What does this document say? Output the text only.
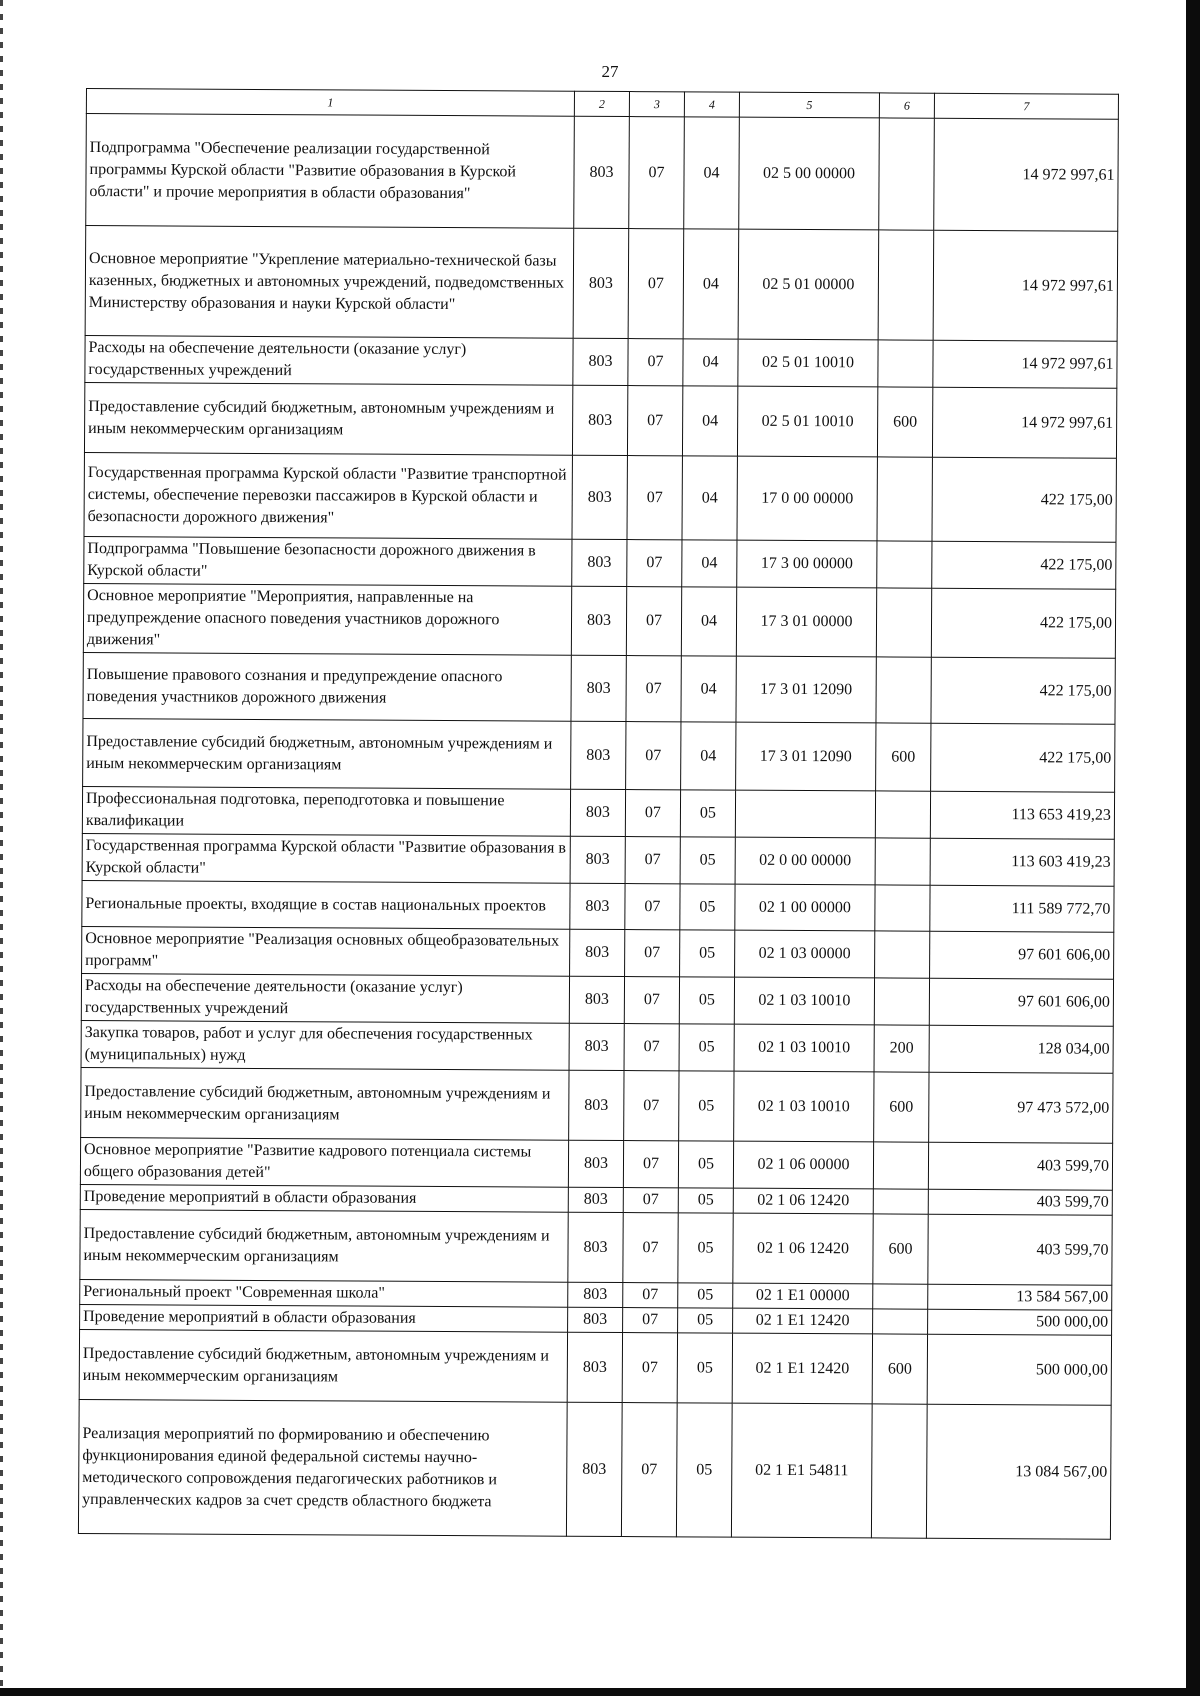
27
1	2	3	4	5	6	7
Подпрограмма "Обеспечение реализации государственной программы Курской области "Развитие образования в Курской области" и прочие мероприятия в области образования"	803	07	04	02 5 00 00000		14 972 997,61
Основное мероприятие "Укрепление материально-технической базы казенных, бюджетных и автономных учреждений, подведомственных Министерству образования и науки Курской области"	803	07	04	02 5 01 00000		14 972 997,61
Расходы на обеспечение деятельности (оказание услуг) государственных учреждений	803	07	04	02 5 01 10010		14 972 997,61
Предоставление субсидий бюджетным, автономным учреждениям и иным некоммерческим организациям	803	07	04	02 5 01 10010	600	14 972 997,61
Государственная программа Курской области "Развитие транспортной системы, обеспечение перевозки пассажиров в Курской области и безопасности дорожного движения"	803	07	04	17 0 00 00000		422 175,00
Подпрограмма "Повышение безопасности дорожного движения в Курской области"	803	07	04	17 3 00 00000		422 175,00
Основное мероприятие "Мероприятия, направленные на предупреждение опасного поведения участников дорожного движения"	803	07	04	17 3 01 00000		422 175,00
Повышение правового сознания и предупреждение опасного поведения участников дорожного движения	803	07	04	17 3 01 12090		422 175,00
Предоставление субсидий бюджетным, автономным учреждениям и иным некоммерческим организациям	803	07	04	17 3 01 12090	600	422 175,00
Профессиональная подготовка, переподготовка и повышение квалификации	803	07	05			113 653 419,23
Государственная программа Курской области "Развитие образования в Курской области"	803	07	05	02 0 00 00000		113 603 419,23
Региональные проекты, входящие в состав национальных проектов	803	07	05	02 1 00 00000		111 589 772,70
Основное мероприятие "Реализация основных общеобразовательных программ"	803	07	05	02 1 03 00000		97 601 606,00
Расходы на обеспечение деятельности (оказание услуг) государственных учреждений	803	07	05	02 1 03 10010		97 601 606,00
Закупка товаров, работ и услуг для обеспечения государственных (муниципальных) нужд	803	07	05	02 1 03 10010	200	128 034,00
Предоставление субсидий бюджетным, автономным учреждениям и иным некоммерческим организациям	803	07	05	02 1 03 10010	600	97 473 572,00
Основное мероприятие "Развитие кадрового потенциала системы общего образования детей"	803	07	05	02 1 06 00000		403 599,70
Проведение мероприятий в области образования	803	07	05	02 1 06 12420		403 599,70
Предоставление субсидий бюджетным, автономным учреждениям и иным некоммерческим организациям	803	07	05	02 1 06 12420	600	403 599,70
Региональный проект "Современная школа"	803	07	05	02 1 E1 00000		13 584 567,00
Проведение мероприятий в области образования	803	07	05	02 1 E1 12420		500 000,00
Предоставление субсидий бюджетным, автономным учреждениям и иным некоммерческим организациям	803	07	05	02 1 E1 12420	600	500 000,00
Реализация мероприятий по формированию и обеспечению функционирования единой федеральной системы научно-методического сопровождения педагогических работников и управленческих кадров за счет средств областного бюджета	803	07	05	02 1 E1 54811		13 084 567,00
